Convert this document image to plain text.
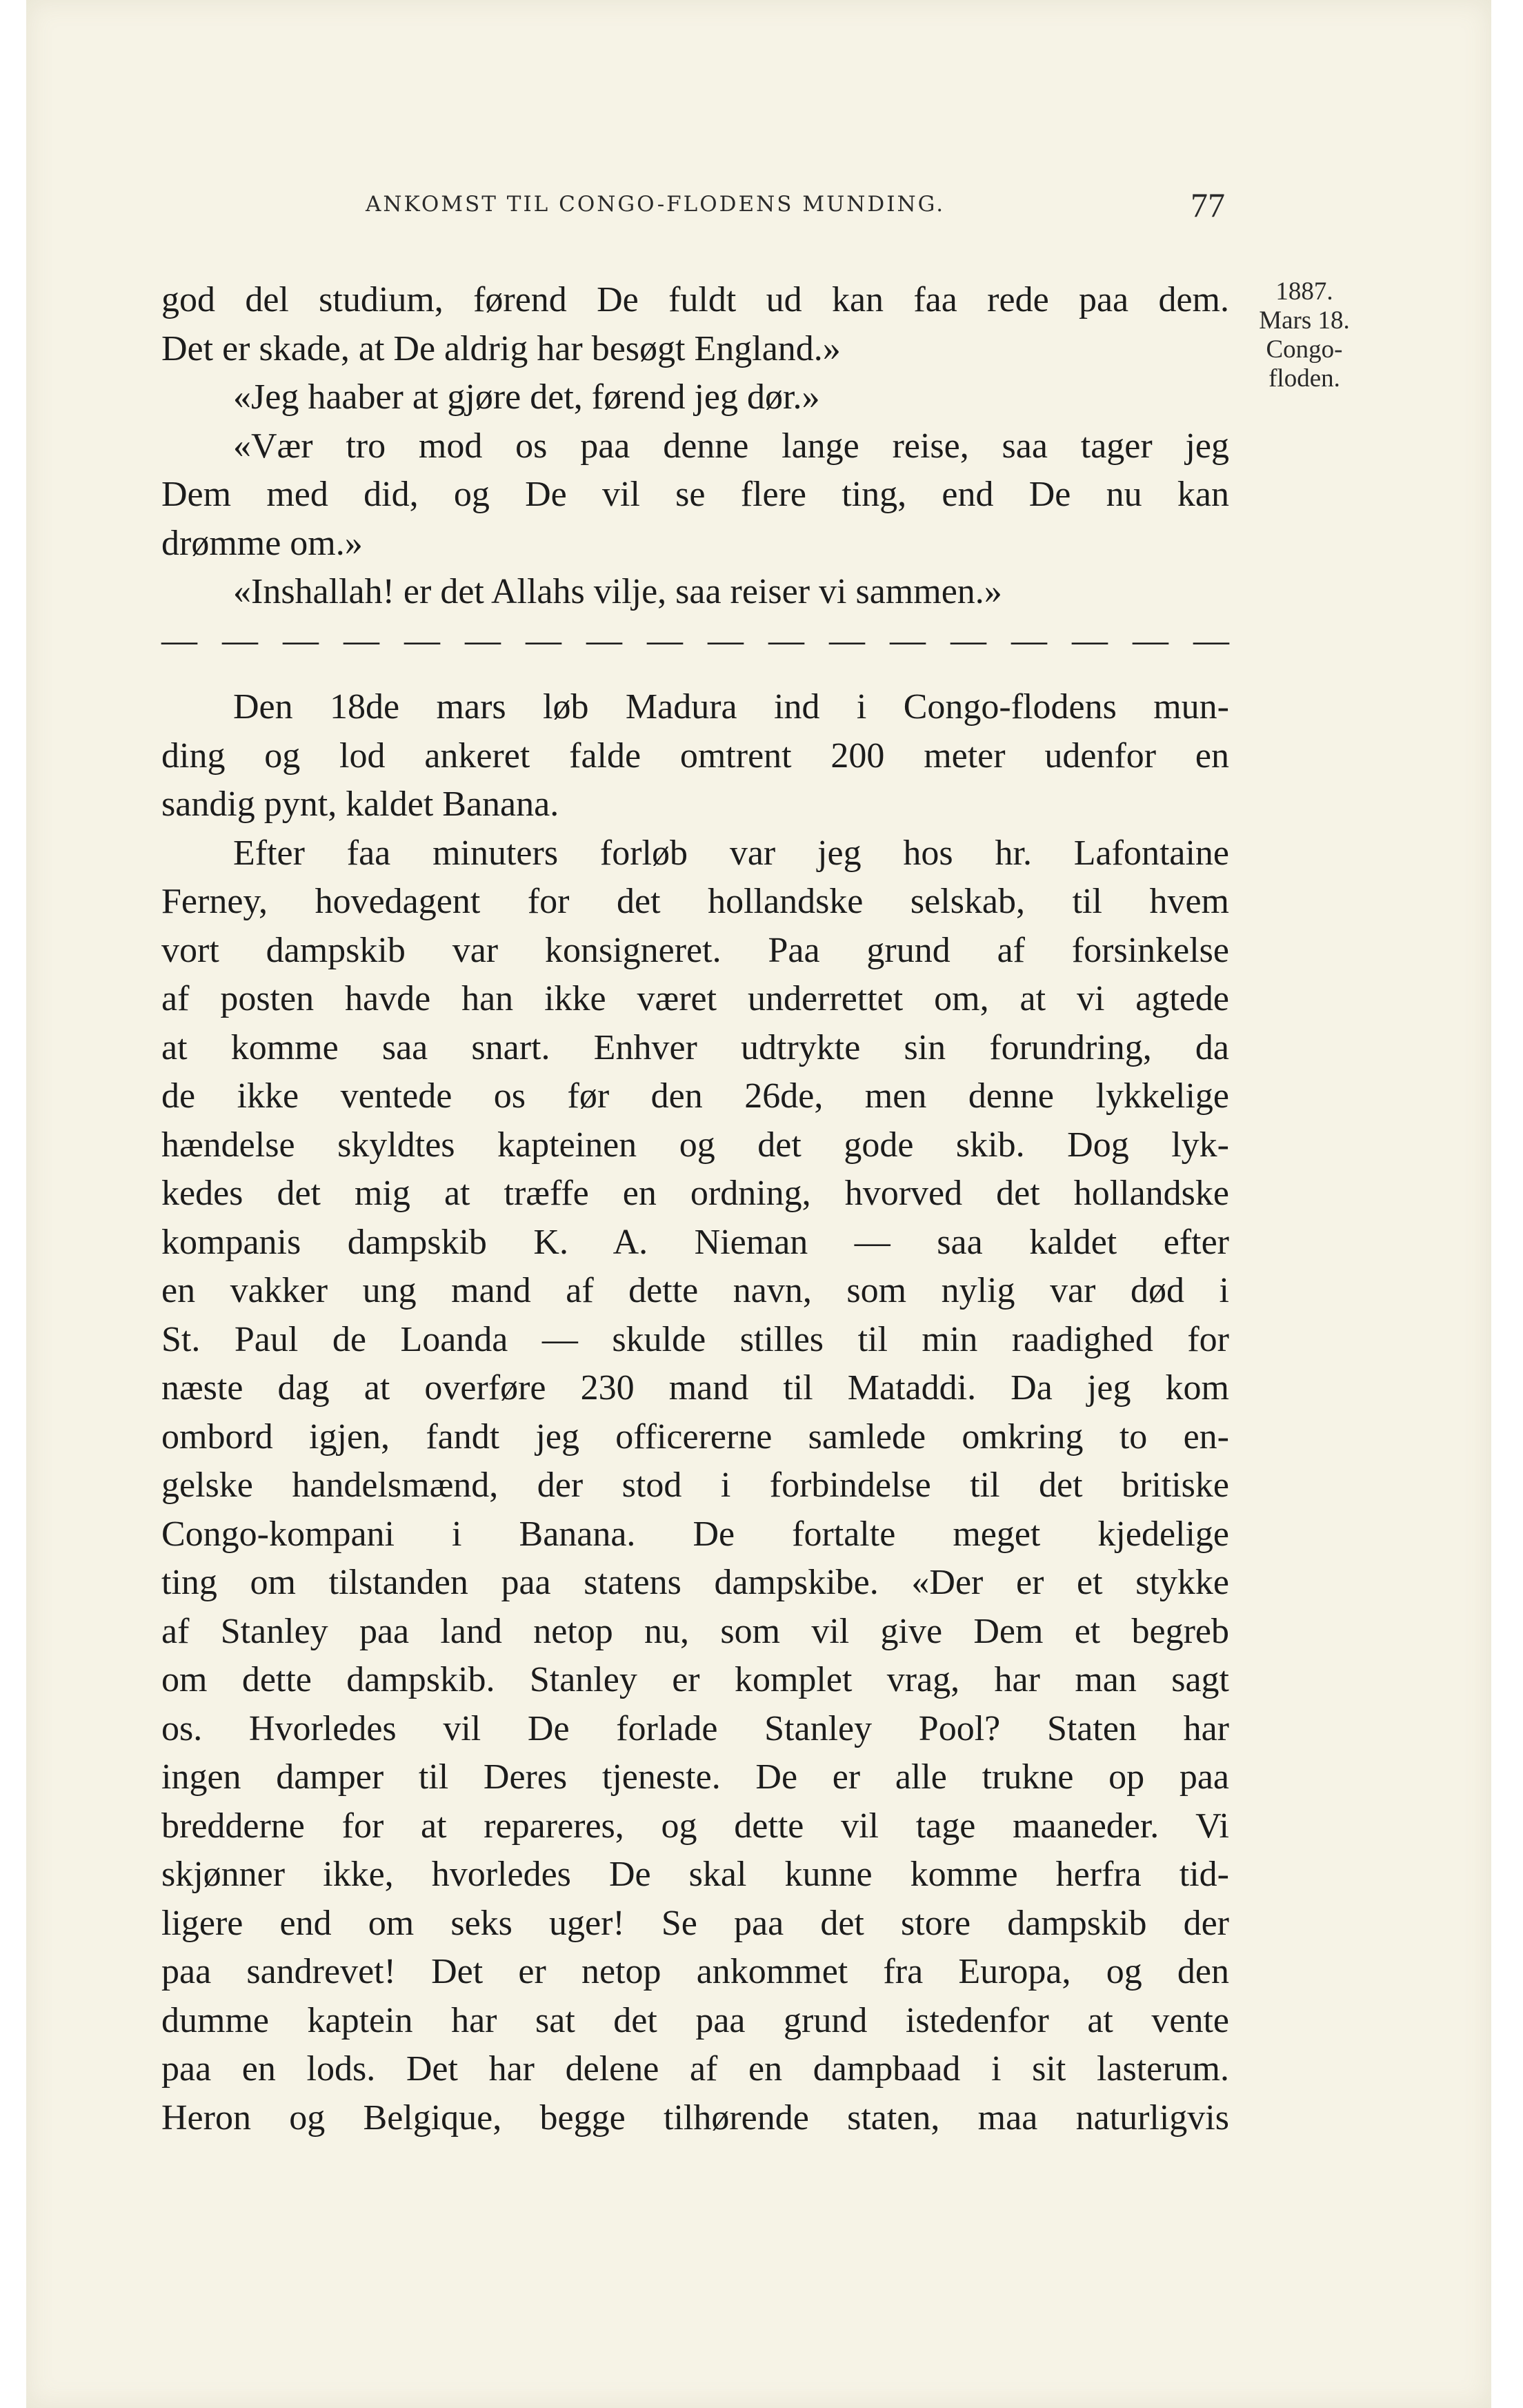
ANKOMST TIL CONGO-FLODENS MUNDING.	77
1887.
Mars 18.
Congo-
floden.
god del studium, førend De fuldt ud kan faa rede paa dem.
Det er skade, at De aldrig har besøgt England.»
«Jeg haaber at gjøre det, førend jeg dør.»
«Vær tro mod os paa denne lange reise, saa tager jeg
Dem med did, og De vil se flere ting, end De nu kan
drømme om.»
«Inshallah! er det Allahs vilje, saa reiser vi sammen.»
— — — — — — — — — — — — — — — — — —
Den 18de mars løb Madura ind i Congo-flodens mun-
ding og lod ankeret falde omtrent 200 meter udenfor en
sandig pynt, kaldet Banana.
Efter faa minuters forløb var jeg hos hr. Lafontaine
Ferney, hovedagent for det hollandske selskab, til hvem
vort dampskib var konsigneret. Paa grund af forsinkelse
af posten havde han ikke været underrettet om, at vi agtede
at komme saa snart. Enhver udtrykte sin forundring, da
de ikke ventede os før den 26de, men denne lykkelige
hændelse skyldtes kapteinen og det gode skib. Dog lyk-
kedes det mig at træffe en ordning, hvorved det hollandske
kompanis dampskib K. A. Nieman — saa kaldet efter
en vakker ung mand af dette navn, som nylig var død i
St. Paul de Loanda — skulde stilles til min raadighed for
næste dag at overføre 230 mand til Mataddi. Da jeg kom
ombord igjen, fandt jeg officererne samlede omkring to en-
gelske handelsmænd, der stod i forbindelse til det britiske
Congo-kompani i Banana. De fortalte meget kjedelige
ting om tilstanden paa statens dampskibe. «Der er et stykke
af Stanley paa land netop nu, som vil give Dem et begreb
om dette dampskib. Stanley er komplet vrag, har man sagt
os. Hvorledes vil De forlade Stanley Pool? Staten har
ingen damper til Deres tjeneste. De er alle trukne op paa
bredderne for at repareres, og dette vil tage maaneder. Vi
skjønner ikke, hvorledes De skal kunne komme herfra tid-
ligere end om seks uger! Se paa det store dampskib der
paa sandrevet! Det er netop ankommet fra Europa, og den
dumme kaptein har sat det paa grund istedenfor at vente
paa en lods. Det har delene af en dampbaad i sit lasterum.
Heron og Belgique, begge tilhørende staten, maa naturligvis
